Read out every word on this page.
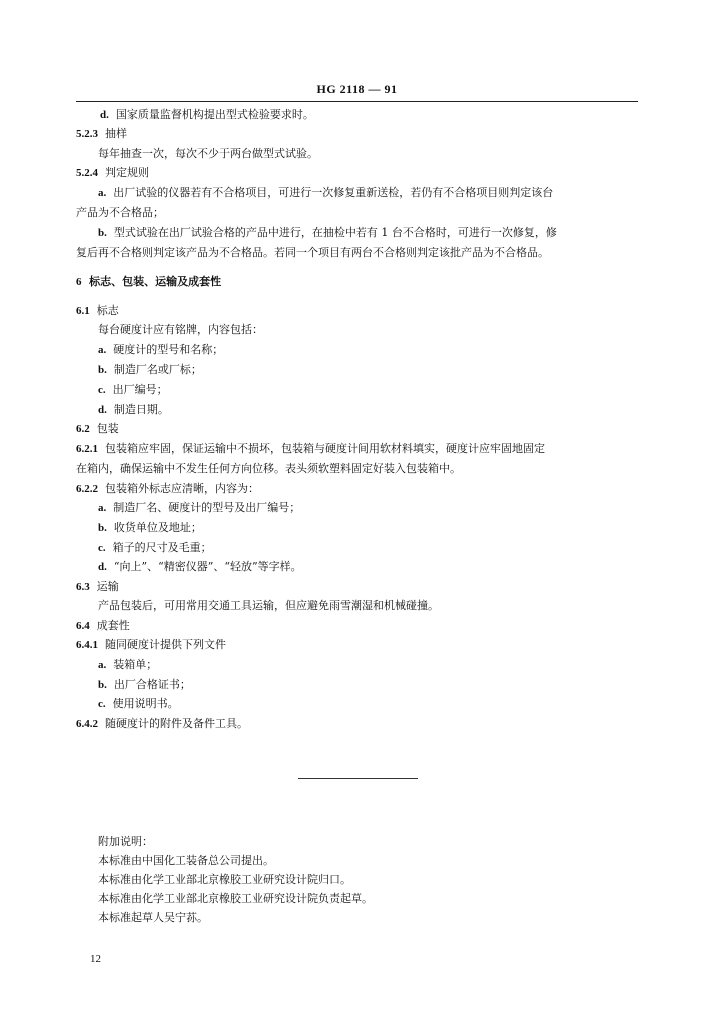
HG 2118 — 91
d. 国家质量监督机构提出型式检验要求时。
5.2.3 抽样
每年抽查一次，每次不少于两台做型式试验。
5.2.4 判定规则
a. 出厂试验的仪器若有不合格项目，可进行一次修复重新送检，若仍有不合格项目则判定该台
产品为不合格品；
b. 型式试验在出厂试验合格的产品中进行，在抽检中若有 1 台不合格时，可进行一次修复，修
复后再不合格则判定该产品为不合格品。若同一个项目有两台不合格则判定该批产品为不合格品。
6 标志、包装、运输及成套性
6.1 标志
每台硬度计应有铭牌，内容包括：
a. 硬度计的型号和名称；
b. 制造厂名或厂标；
c. 出厂编号；
d. 制造日期。
6.2 包装
6.2.1 包装箱应牢固，保证运输中不损坏，包装箱与硬度计间用软材料填实，硬度计应牢固地固定
在箱内，确保运输中不发生任何方向位移。表头须软塑料固定好装入包装箱中。
6.2.2 包装箱外标志应清晰，内容为：
a. 制造厂名、硬度计的型号及出厂编号；
b. 收货单位及地址；
c. 箱子的尺寸及毛重；
d. “向上”、“精密仪器”、“轻放”等字样。
6.3 运输
产品包装后，可用常用交通工具运输，但应避免雨雪潮湿和机械碰撞。
6.4 成套性
6.4.1 随同硬度计提供下列文件
a. 装箱单；
b. 出厂合格证书；
c. 使用说明书。
6.4.2 随硬度计的附件及备件工具。
附加说明：
本标准由中国化工装备总公司提出。
本标准由化学工业部北京橡胶工业研究设计院归口。
本标准由化学工业部北京橡胶工业研究设计院负责起草。
本标准起草人吴宁荪。
12
